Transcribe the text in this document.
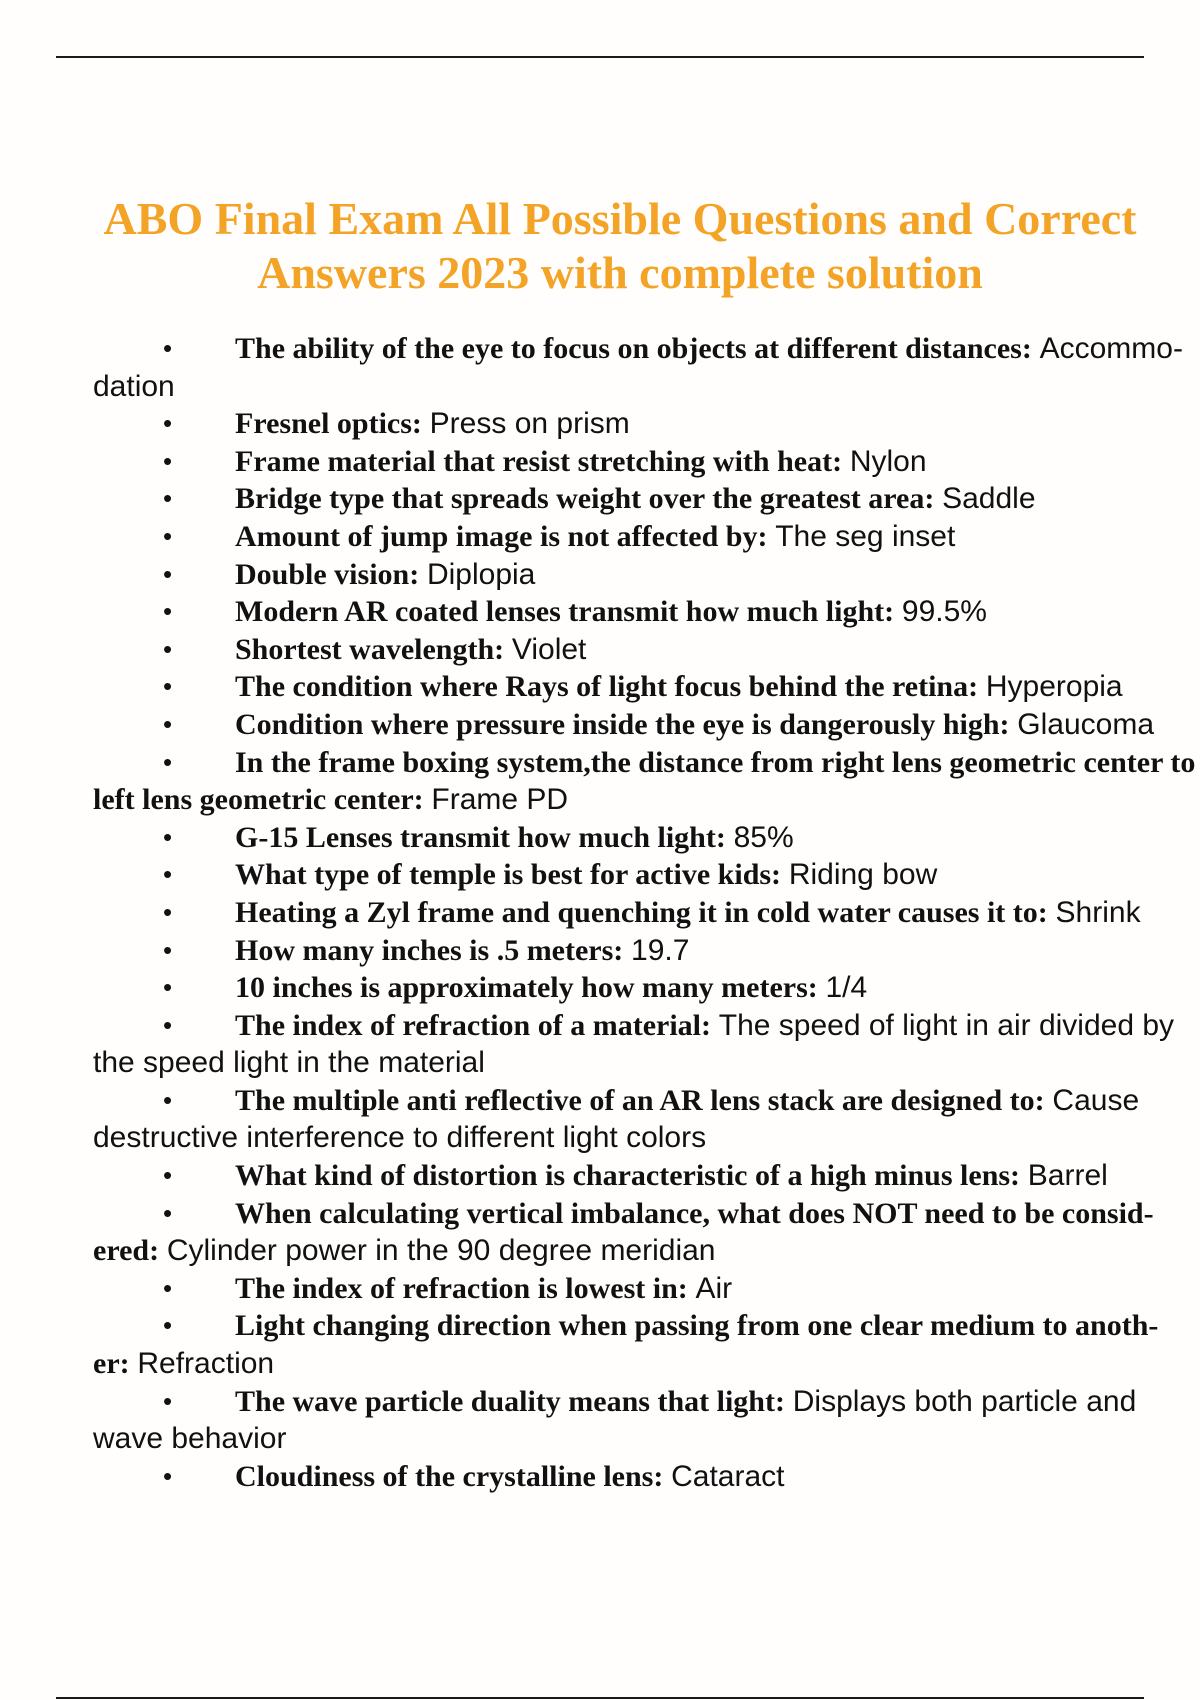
ABO Final Exam All Possible Questions and Correct
Answers 2023 with complete solution
• The ability of the eye to focus on objects at different distances: Accommo- dation
• Fresnel optics: Press on prism
• Frame material that resist stretching with heat: Nylon
• Bridge type that spreads weight over the greatest area: Saddle
• Amount of jump image is not affected by: The seg inset
• Double vision: Diplopia
• Modern AR coated lenses transmit how much light: 99.5%
• Shortest wavelength: Violet
• The condition where Rays of light focus behind the retina: Hyperopia
• Condition where pressure inside the eye is dangerously high: Glaucoma
• In the frame boxing system,the distance from right lens geometric center to left lens geometric center: Frame PD
• G-15 Lenses transmit how much light: 85%
• What type of temple is best for active kids: Riding bow
• Heating a Zyl frame and quenching it in cold water causes it to: Shrink
• How many inches is .5 meters: 19.7
• 10 inches is approximately how many meters: 1/4
• The index of refraction of a material: The speed of light in air divided by the speed light in the material
• The multiple anti reflective of an AR lens stack are designed to: Cause destructive interference to different light colors
• What kind of distortion is characteristic of a high minus lens: Barrel
• When calculating vertical imbalance, what does NOT need to be consid- ered: Cylinder power in the 90 degree meridian
• The index of refraction is lowest in: Air
• Light changing direction when passing from one clear medium to anoth- er: Refraction
• The wave particle duality means that light: Displays both particle and wave behavior
• Cloudiness of the crystalline lens: Cataract
